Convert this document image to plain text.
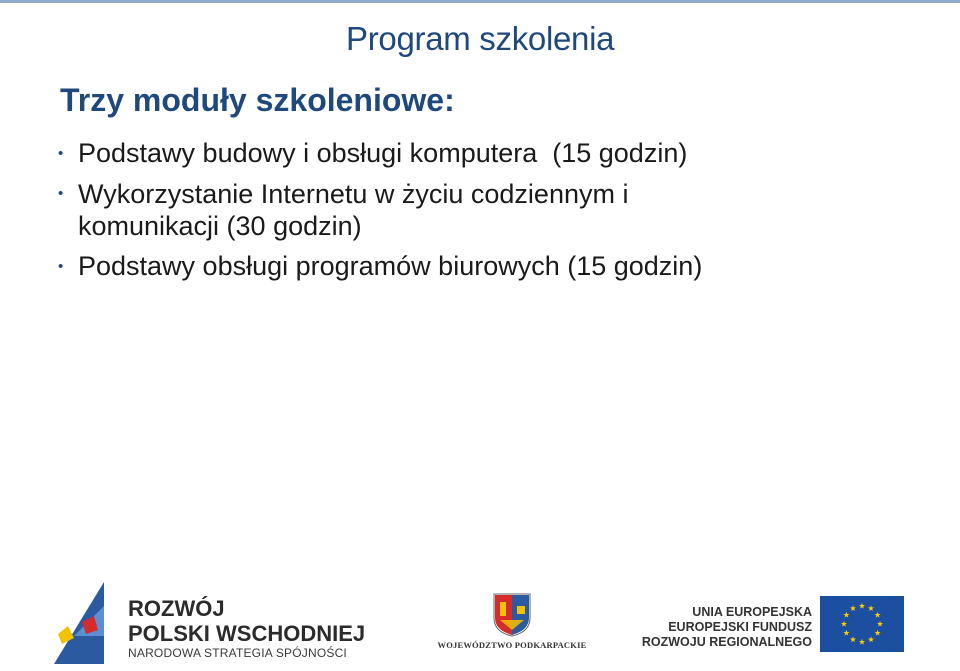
Program szkolenia
Trzy moduły szkoleniowe:
• Podstawy budowy i obsługi komputera  (15 godzin)
• Wykorzystanie Internetu w życiu codziennym i komunikacji (30 godzin)
• Podstawy obsługi programów biurowych (15 godzin)
ROZWÓJ
POLSKI WSCHODNIEJ
NARODOWA STRATEGIA SPÓJNOŚCI
WOJEWÓDZTWO PODKARPACKIE
UNIA EUROPEJSKA
EUROPEJSKI FUNDUSZ
ROZWOJU REGIONALNEGO
